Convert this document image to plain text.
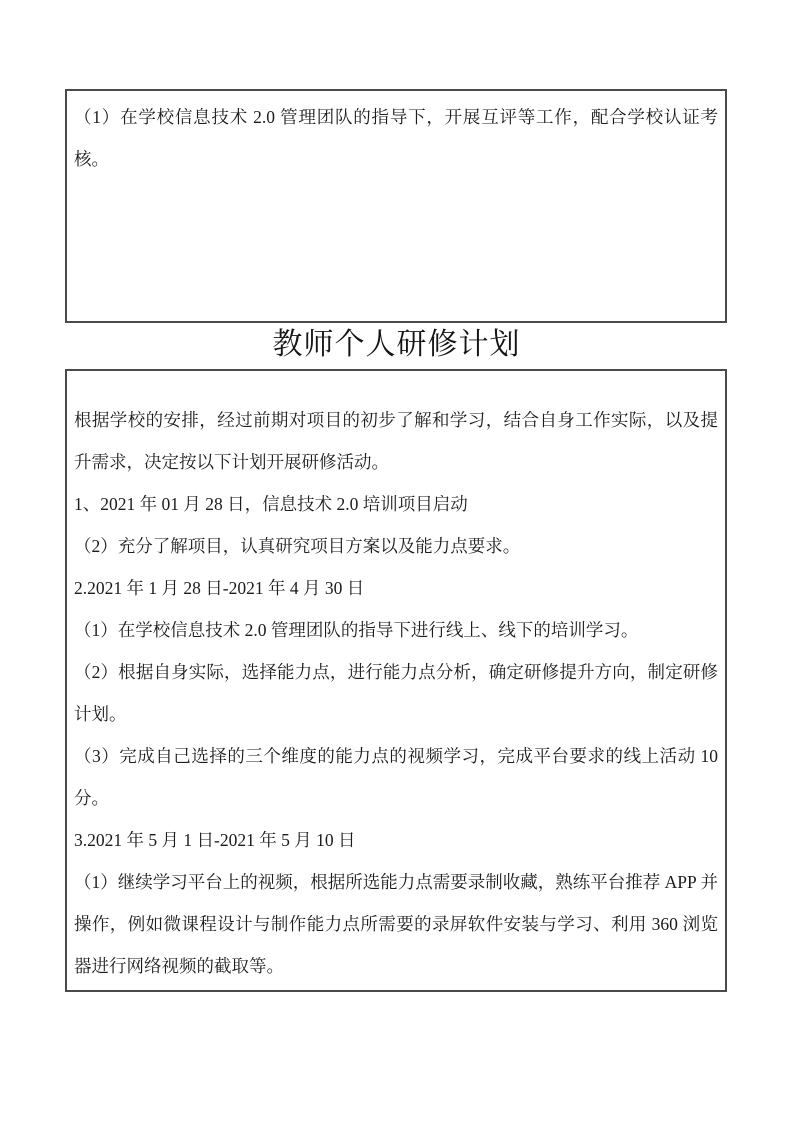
（1）在学校信息技术 2.0 管理团队的指导下，开展互评等工作，配合学校认证考核。

教师个人研修计划

根据学校的安排，经过前期对项目的初步了解和学习，结合自身工作实际，以及提升需求，决定按以下计划开展研修活动。

1、2021 年 01 月 28 日，信息技术 2.0 培训项目启动

（2）充分了解项目，认真研究项目方案以及能力点要求。

2.2021 年 1 月 28 日-2021 年 4 月 30 日

（1）在学校信息技术 2.0 管理团队的指导下进行线上、线下的培训学习。

（2）根据自身实际，选择能力点，进行能力点分析，确定研修提升方向，制定研修计划。

（3）完成自己选择的三个维度的能力点的视频学习，完成平台要求的线上活动 10 分。

3.2021 年 5 月 1 日-2021 年 5 月 10 日

（1）继续学习平台上的视频，根据所选能力点需要录制收藏，熟练平台推荐 APP 并操作，例如微课程设计与制作能力点所需要的录屏软件安装与学习、利用 360 浏览器进行网络视频的截取等。
